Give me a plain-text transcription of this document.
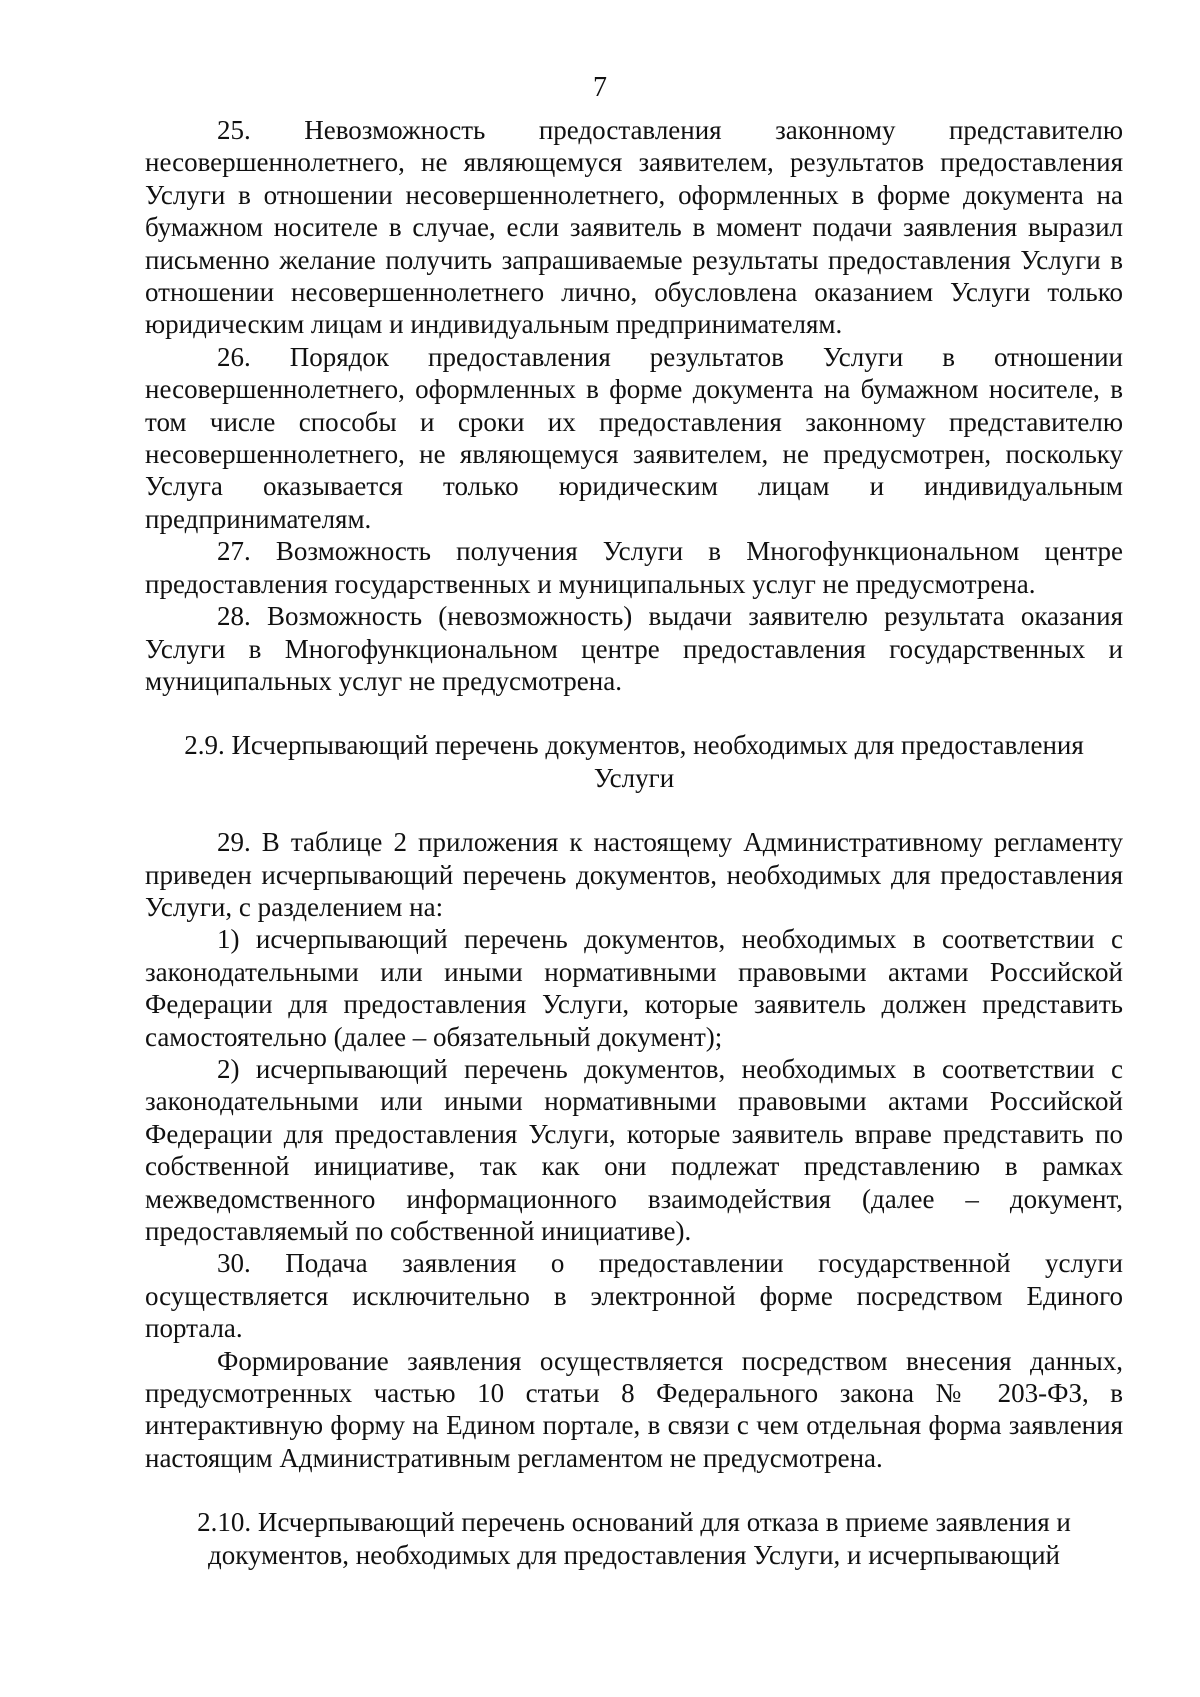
7

25. Невозможность предоставления законному представителю несовершеннолетнего, не являющемуся заявителем, результатов предоставления Услуги в отношении несовершеннолетнего, оформленных в форме документа на бумажном носителе в случае, если заявитель в момент подачи заявления выразил письменно желание получить запрашиваемые результаты предоставления Услуги в отношении несовершеннолетнего лично, обусловлена оказанием Услуги только юридическим лицам и индивидуальным предпринимателям.

26. Порядок предоставления результатов Услуги в отношении несовершеннолетнего, оформленных в форме документа на бумажном носителе, в том числе способы и сроки их предоставления законному представителю несовершеннолетнего, не являющемуся заявителем, не предусмотрен, поскольку Услуга оказывается только юридическим лицам и индивидуальным предпринимателям.

27. Возможность получения Услуги в Многофункциональном центре предоставления государственных и муниципальных услуг не предусмотрена.

28. Возможность (невозможность) выдачи заявителю результата оказания Услуги в Многофункциональном центре предоставления государственных и муниципальных услуг не предусмотрена.

2.9. Исчерпывающий перечень документов, необходимых для предоставления

Услуги

29. В таблице 2 приложения к настоящему Административному регламенту приведен исчерпывающий перечень документов, необходимых для предоставления Услуги, с разделением на:

1) исчерпывающий перечень документов, необходимых в соответствии с законодательными или иными нормативными правовыми актами Российской Федерации для предоставления Услуги, которые заявитель должен представить самостоятельно (далее – обязательный документ);

2) исчерпывающий перечень документов, необходимых в соответствии с законодательными или иными нормативными правовыми актами Российской Федерации для предоставления Услуги, которые заявитель вправе представить по собственной инициативе, так как они подлежат представлению в рамках межведомственного информационного взаимодействия (далее – документ, предоставляемый по собственной инициативе).

30. Подача заявления о предоставлении государственной услуги осуществляется исключительно в электронной форме посредством Единого портала.

Формирование заявления осуществляется посредством внесения данных, предусмотренных частью 10 статьи 8 Федерального закона № 203-ФЗ, в интерактивную форму на Едином портале, в связи с чем отдельная форма заявления настоящим Административным регламентом не предусмотрена.

2.10. Исчерпывающий перечень оснований для отказа в приеме заявления и

документов, необходимых для предоставления Услуги, и исчерпывающий
